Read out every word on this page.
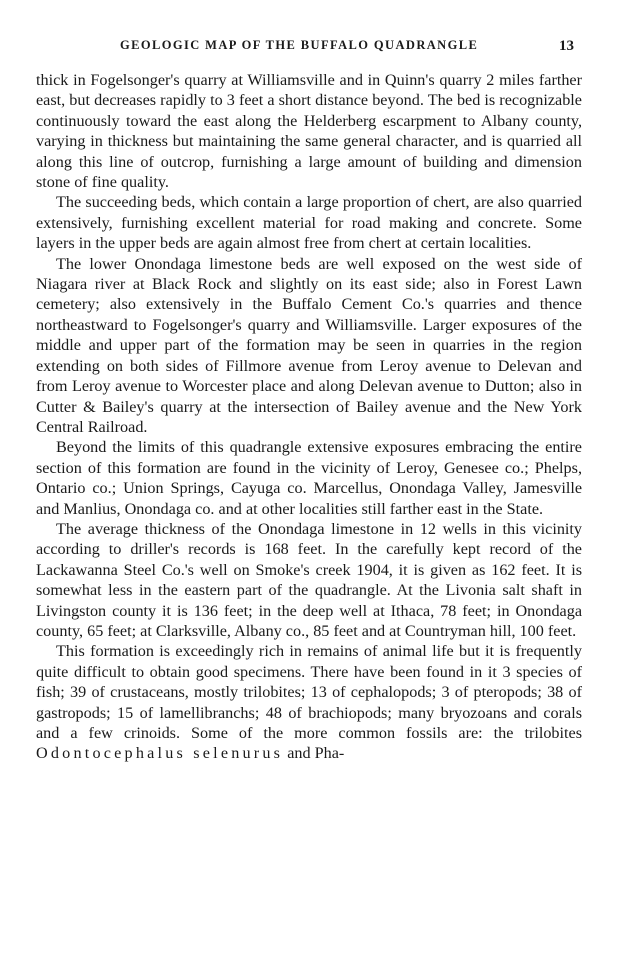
GEOLOGIC MAP OF THE BUFFALO QUADRANGLE	13

thick in Fogelsonger's quarry at Williamsville and in Quinn's quarry 2 miles farther east, but decreases rapidly to 3 feet a short distance beyond. The bed is recognizable continuously toward the east along the Helderberg escarpment to Albany county, varying in thickness but maintaining the same general character, and is quarried all along this line of outcrop, furnishing a large amount of building and dimension stone of fine quality.

The succeeding beds, which contain a large proportion of chert, are also quarried extensively, furnishing excellent material for road making and concrete. Some layers in the upper beds are again almost free from chert at certain localities.

The lower Onondaga limestone beds are well exposed on the west side of Niagara river at Black Rock and slightly on its east side; also in Forest Lawn cemetery; also extensively in the Buffalo Cement Co.'s quarries and thence northeastward to Fogelsonger's quarry and Williamsville. Larger exposures of the middle and upper part of the formation may be seen in quarries in the region extending on both sides of Fillmore avenue from Leroy avenue to Delevan and from Leroy avenue to Worcester place and along Delevan avenue to Dutton; also in Cutter & Bailey's quarry at the intersection of Bailey avenue and the New York Central Railroad.

Beyond the limits of this quadrangle extensive exposures embracing the entire section of this formation are found in the vicinity of Leroy, Genesee co.; Phelps, Ontario co.; Union Springs, Cayuga co. Marcellus, Onondaga Valley, Jamesville and Manlius, Onondaga co. and at other localities still farther east in the State.

The average thickness of the Onondaga limestone in 12 wells in this vicinity according to driller's records is 168 feet. In the carefully kept record of the Lackawanna Steel Co.'s well on Smoke's creek 1904, it is given as 162 feet. It is somewhat less in the eastern part of the quadrangle. At the Livonia salt shaft in Livingston county it is 136 feet; in the deep well at Ithaca, 78 feet; in Onondaga county, 65 feet; at Clarksville, Albany co., 85 feet and at Countryman hill, 100 feet.

This formation is exceedingly rich in remains of animal life but it is frequently quite difficult to obtain good specimens. There have been found in it 3 species of fish; 39 of crustaceans, mostly trilobites; 13 of cephalopods; 3 of pteropods; 38 of gastropods; 15 of lamellibranchs; 48 of brachiopods; many bryozoans and corals and a few crinoids. Some of the more common fossils are: the trilobites Odontocephalus selenurus and Pha-
